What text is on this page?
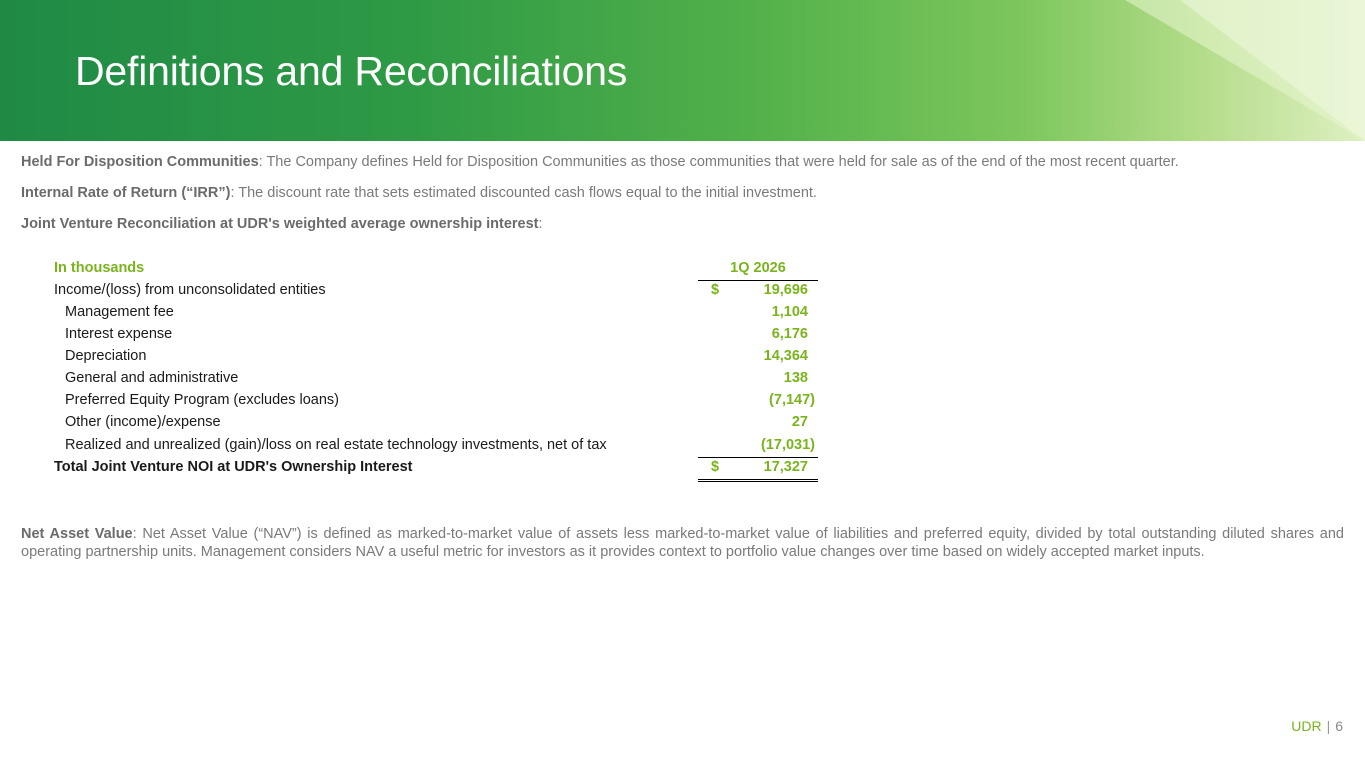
Definitions and Reconciliations

Held For Disposition Communities: The Company defines Held for Disposition Communities as those communities that were held for sale as of the end of the most recent quarter.

Internal Rate of Return (“IRR”): The discount rate that sets estimated discounted cash flows equal to the initial investment.

Joint Venture Reconciliation at UDR's weighted average ownership interest:

In thousands	1Q 2026
Income/(loss) from unconsolidated entities	$	19,696
Management fee	1,104
Interest expense	6,176
Depreciation	14,364
General and administrative	138
Preferred Equity Program (excludes loans)	(7,147)
Other (income)/expense	27
Realized and unrealized (gain)/loss on real estate technology investments, net of tax	(17,031)
Total Joint Venture NOI at UDR's Ownership Interest	$	17,327

Net Asset Value: Net Asset Value (“NAV”) is defined as marked-to-market value of assets less marked-to-market value of liabilities and preferred equity, divided by total outstanding diluted shares and operating partnership units. Management considers NAV a useful metric for investors as it provides context to portfolio value changes over time based on widely accepted market inputs.

UDR | 6
